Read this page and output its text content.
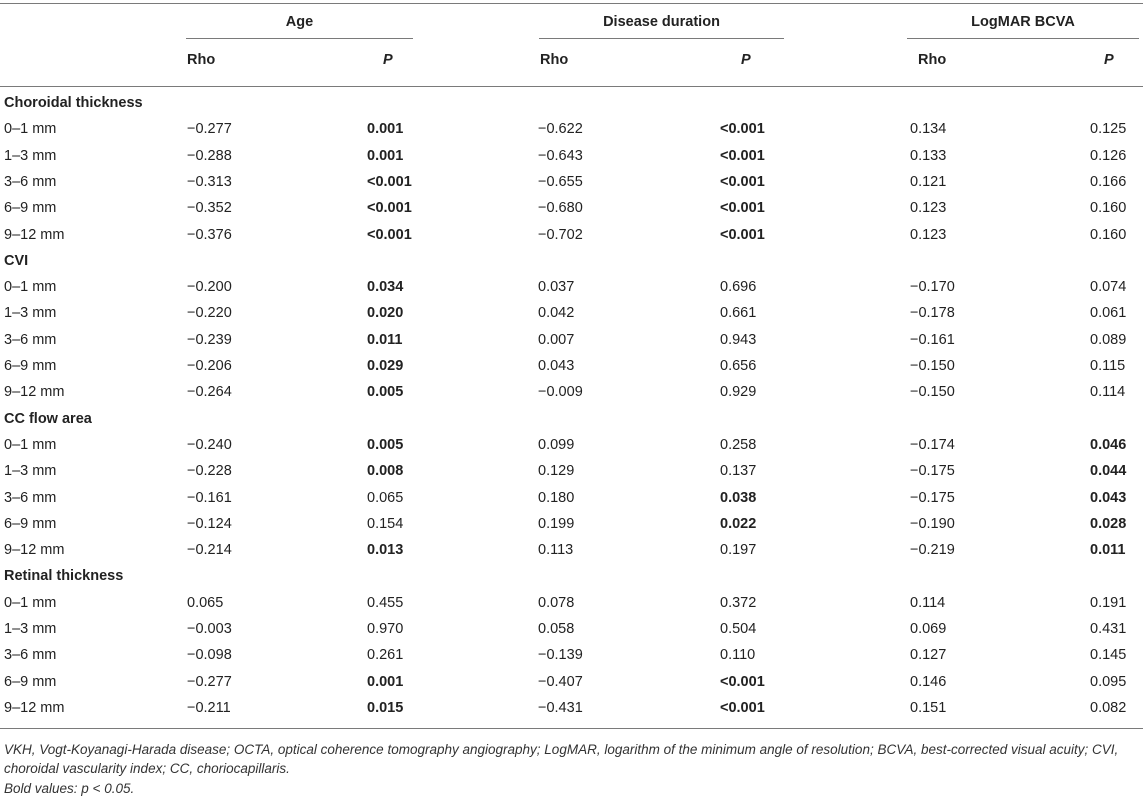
Age	Disease duration	LogMAR BCVA
Rho	P	Rho	P	Rho	P
Choroidal thickness
0–1 mm	−0.277	0.001	−0.622	<0.001	0.134	0.125
1–3 mm	−0.288	0.001	−0.643	<0.001	0.133	0.126
3–6 mm	−0.313	<0.001	−0.655	<0.001	0.121	0.166
6–9 mm	−0.352	<0.001	−0.680	<0.001	0.123	0.160
9–12 mm	−0.376	<0.001	−0.702	<0.001	0.123	0.160
CVI
0–1 mm	−0.200	0.034	0.037	0.696	−0.170	0.074
1–3 mm	−0.220	0.020	0.042	0.661	−0.178	0.061
3–6 mm	−0.239	0.011	0.007	0.943	−0.161	0.089
6–9 mm	−0.206	0.029	0.043	0.656	−0.150	0.115
9–12 mm	−0.264	0.005	−0.009	0.929	−0.150	0.114
CC flow area
0–1 mm	−0.240	0.005	0.099	0.258	−0.174	0.046
1–3 mm	−0.228	0.008	0.129	0.137	−0.175	0.044
3–6 mm	−0.161	0.065	0.180	0.038	−0.175	0.043
6–9 mm	−0.124	0.154	0.199	0.022	−0.190	0.028
9–12 mm	−0.214	0.013	0.113	0.197	−0.219	0.011
Retinal thickness
0–1 mm	0.065	0.455	0.078	0.372	0.114	0.191
1–3 mm	−0.003	0.970	0.058	0.504	0.069	0.431
3–6 mm	−0.098	0.261	−0.139	0.110	0.127	0.145
6–9 mm	−0.277	0.001	−0.407	<0.001	0.146	0.095
9–12 mm	−0.211	0.015	−0.431	<0.001	0.151	0.082
VKH, Vogt-Koyanagi-Harada disease; OCTA, optical coherence tomography angiography; LogMAR, logarithm of the minimum angle of resolution; BCVA, best-corrected visual acuity; CVI, choroidal vascularity index; CC, choriocapillaris.
Bold values: p < 0.05.
